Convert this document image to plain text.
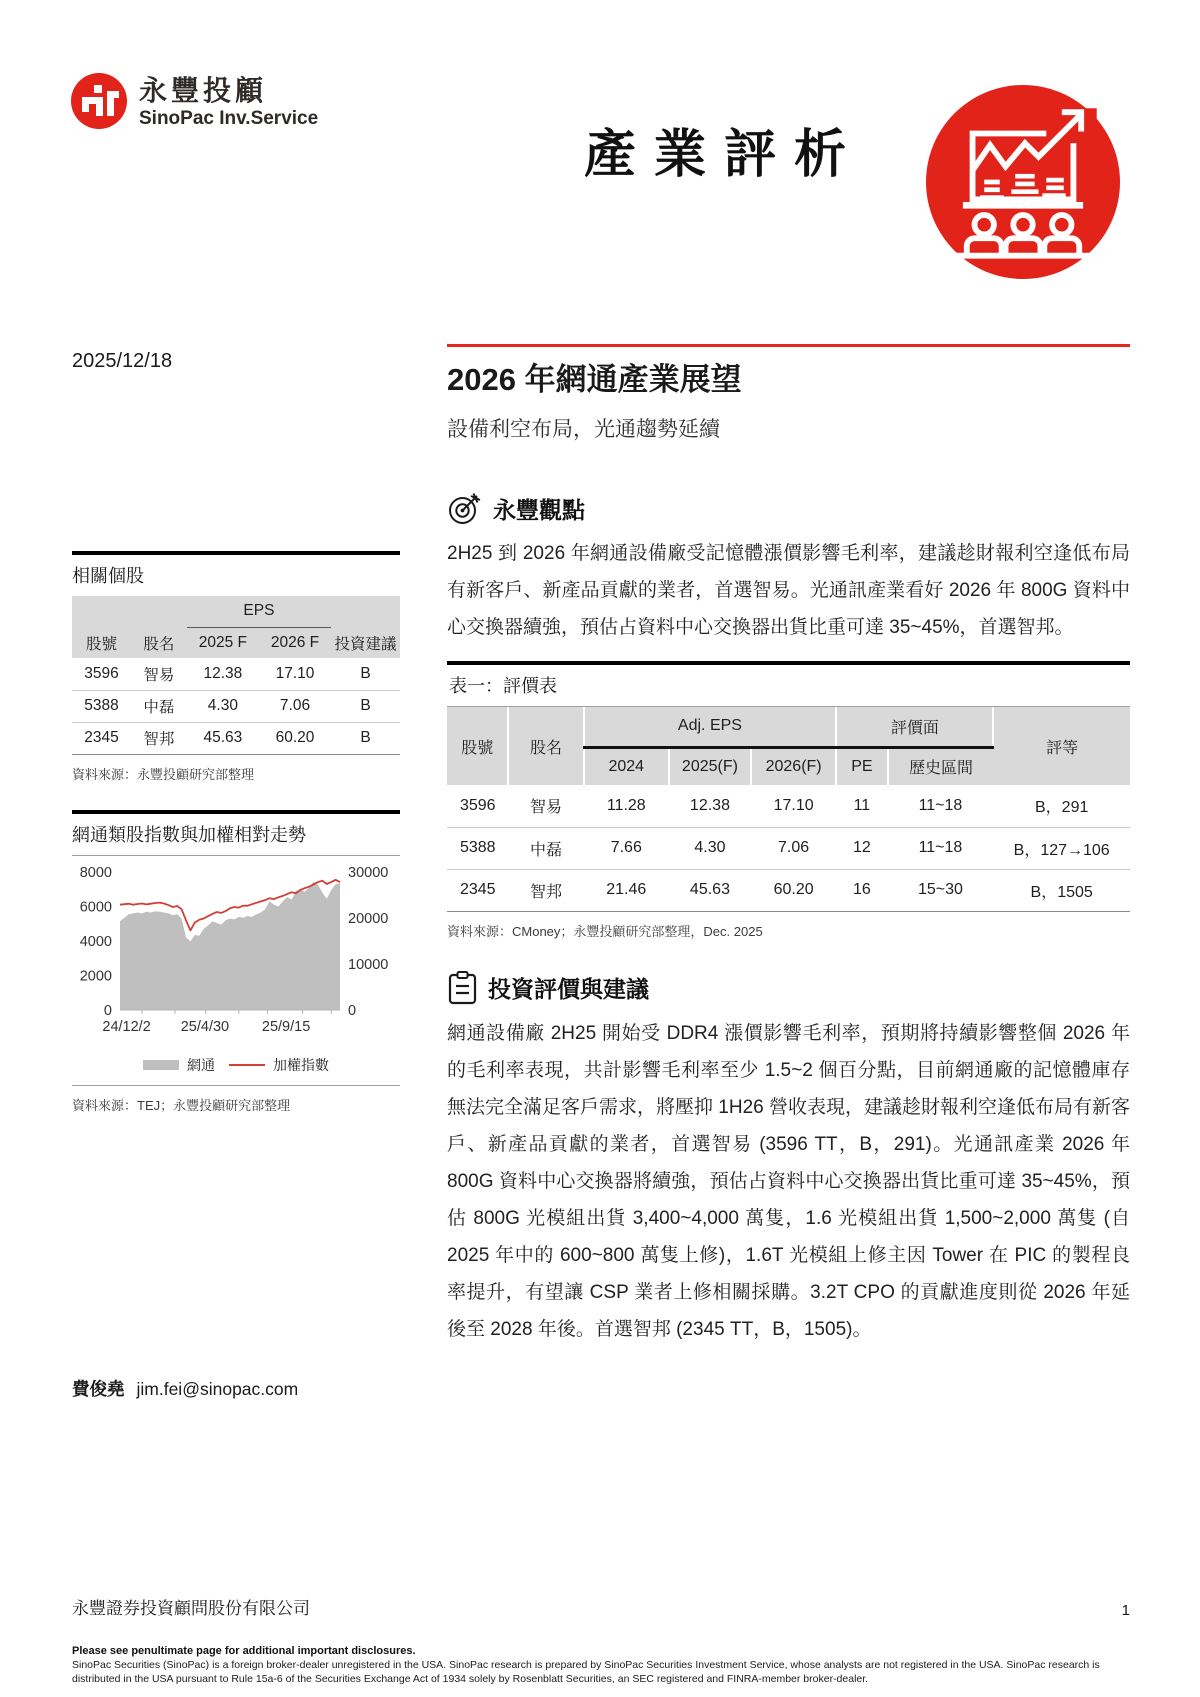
永豐投顧
SinoPac Inv.Service
產業評析
2025/12/18
相關個股
		EPS		
股號	股名	2025 F	2026 F	投資建議
3596	智易	12.38	17.10	B
5388	中磊	4.30	7.06	B
2345	智邦	45.63	60.20	B
資料來源：永豐投顧研究部整理
網通類股指數與加權相對走勢
0
2000
4000
6000
8000
0
10000
20000
30000
24/12/2 25/4/30 25/9/15
網通	加權指數
資料來源：TEJ；永豐投顧研究部整理
2026 年網通產業展望
設備利空布局，光通趨勢延續
永豐觀點

2H25 到 2026 年網通設備廠受記憶體漲價影響毛利率，建議趁財報利空逢低布局有新客戶、新產品貢獻的業者，首選智易。光通訊產業看好 2026 年 800G 資料中心交換器續強，預估占資料中心交換器出貨比重可達 35~45%，首選智邦。

表一：評價表
股號	股名	Adj. EPS			評價面		評等
		2024	2025(F)	2026(F)	PE	歷史區間	
3596	智易	11.28	12.38	17.10	11	11~18	B，291
5388	中磊	7.66	4.30	7.06	12	11~18	B，127→106
2345	智邦	21.46	45.63	60.20	16	15~30	B，1505
資料來源：CMoney；永豐投顧研究部整理，Dec. 2025
投資評價與建議

網通設備廠 2H25 開始受 DDR4 漲價影響毛利率，預期將持續影響整個 2026 年的毛利率表現，共計影響毛利率至少 1.5~2 個百分點，目前網通廠的記憶體庫存無法完全滿足客戶需求，將壓抑 1H26 營收表現，建議趁財報利空逢低布局有新客戶、新產品貢獻的業者，首選智易 (3596 TT，B，291)。光通訊產業 2026 年 800G 資料中心交換器將續強，預估占資料中心交換器出貨比重可達 35~45%，預估 800G 光模組出貨 3,400~4,000 萬隻，1.6 光模組出貨 1,500~2,000 萬隻 (自 2025 年中的 600~800 萬隻上修)，1.6T 光模組上修主因 Tower 在 PIC 的製程良率提升，有望讓 CSP 業者上修相關採購。3.2T CPO 的貢獻進度則從 2026 年延後至 2028 年後。首選智邦 (2345 TT，B，1505)。

費俊堯 jim.fei@sinopac.com
永豐證券投資顧問股份有限公司	1
Please see penultimate page for additional important disclosures.
SinoPac Securities (SinoPac) is a foreign broker-dealer unregistered in the USA. SinoPac research is prepared by SinoPac Securities Investment Service, whose analysts are not registered in the USA. SinoPac research is distributed in the USA pursuant to Rule 15a-6 of the Securities Exchange Act of 1934 solely by Rosenblatt Securities, an SEC registered and FINRA-member broker-dealer.
